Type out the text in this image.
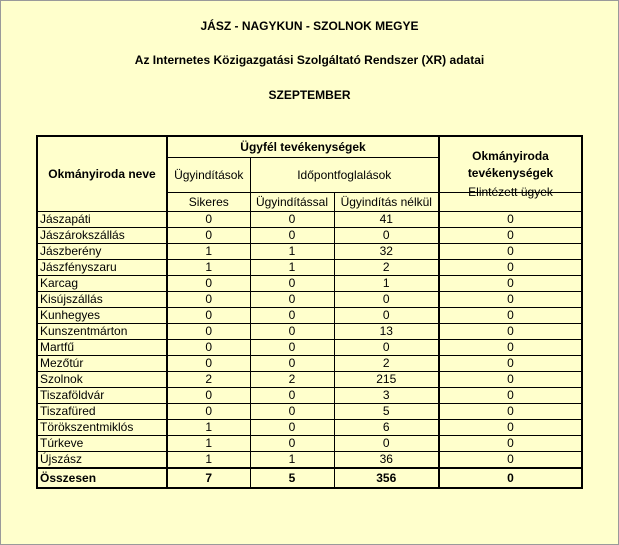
JÁSZ - NAGYKUN - SZOLNOK MEGYE
Az Internetes Közigazgatási Szolgáltató Rendszer (XR) adatai
SZEPTEMBER
Okmányiroda neve	Ügyfél tevékenységek			Okmányiroda tevékenységek
	Ügyindítások	Időpontfoglalások		
	Sikeres	Ügyindítással	Ügyindítás nélkül	Elintézett ügyek
Jászapáti	0	0	41	0
Jászárokszállás	0	0	0	0
Jászberény	1	1	32	0
Jászfényszaru	1	1	2	0
Karcag	0	0	1	0
Kisújszállás	0	0	0	0
Kunhegyes	0	0	0	0
Kunszentmárton	0	0	13	0
Martfű	0	0	0	0
Mezőtúr	0	0	2	0
Szolnok	2	2	215	0
Tiszaföldvár	0	0	3	0
Tiszafüred	0	0	5	0
Törökszentmiklós	1	0	6	0
Túrkeve	1	0	0	0
Újszász	1	1	36	0
Összesen	7	5	356	0
